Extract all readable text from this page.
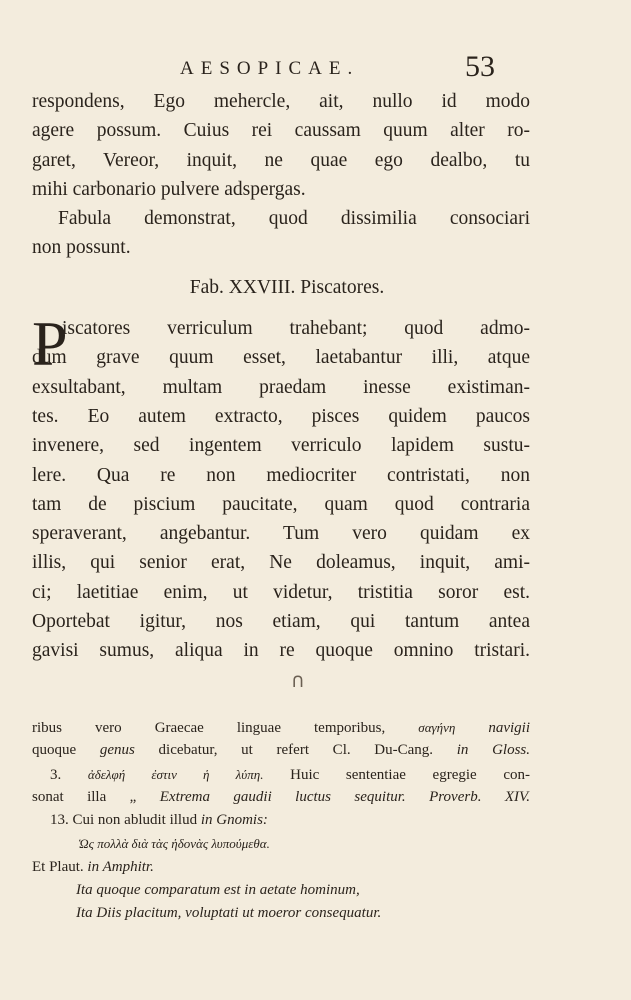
AESOPICAE.	53
respondens, Ego mehercle, ait, nullo id modo
agere possum. Cuius rei caussam quum alter ro-
garet, Vereor, inquit, ne quae ego dealbo, tu
mihi carbonario pulvere adspergas.
Fabula demonstrat, quod dissimilia consociari
non possunt.
Fab. XXVIII. Piscatores.
P
iscatores verriculum trahebant; quod admo-
dum grave quum esset, laetabantur illi, atque
exsultabant, multam praedam inesse existiman-
tes. Eo autem extracto, pisces quidem paucos
invenere, sed ingentem verriculo lapidem sustu-
lere. Qua re non mediocriter contristati, non
tam de piscium paucitate, quam quod contraria
speraverant, angebantur. Tum vero quidam ex
illis, qui senior erat, Ne doleamus, inquit, ami-
ci; laetitiae enim, ut videtur, tristitia soror est.
Oportebat igitur, nos etiam, qui tantum antea
gavisi sumus, aliqua in re quoque omnino tristari.
ᑎ
ribus vero Graecae linguae temporibus,	σαγήνη navigii
quoque genus dicebatur, ut refert Cl. Du-Cang. in Gloss.
3. ἀδελφή ἐστιν ἡ λύπη. Huic sententiae egregie con-
sonat illa „ Extrema gaudii luctus sequitur. Proverb. XIV.
13. Cui non abludit illud in Gnomis:
Ὡς πολλὰ διὰ τὰς ἡδονὰς λυπούμεθα.
Et Plaut. in Amphitr.
Ita quoque comparatum est in aetate hominum,
Ita Diis placitum, voluptati ut moeror consequatur.
